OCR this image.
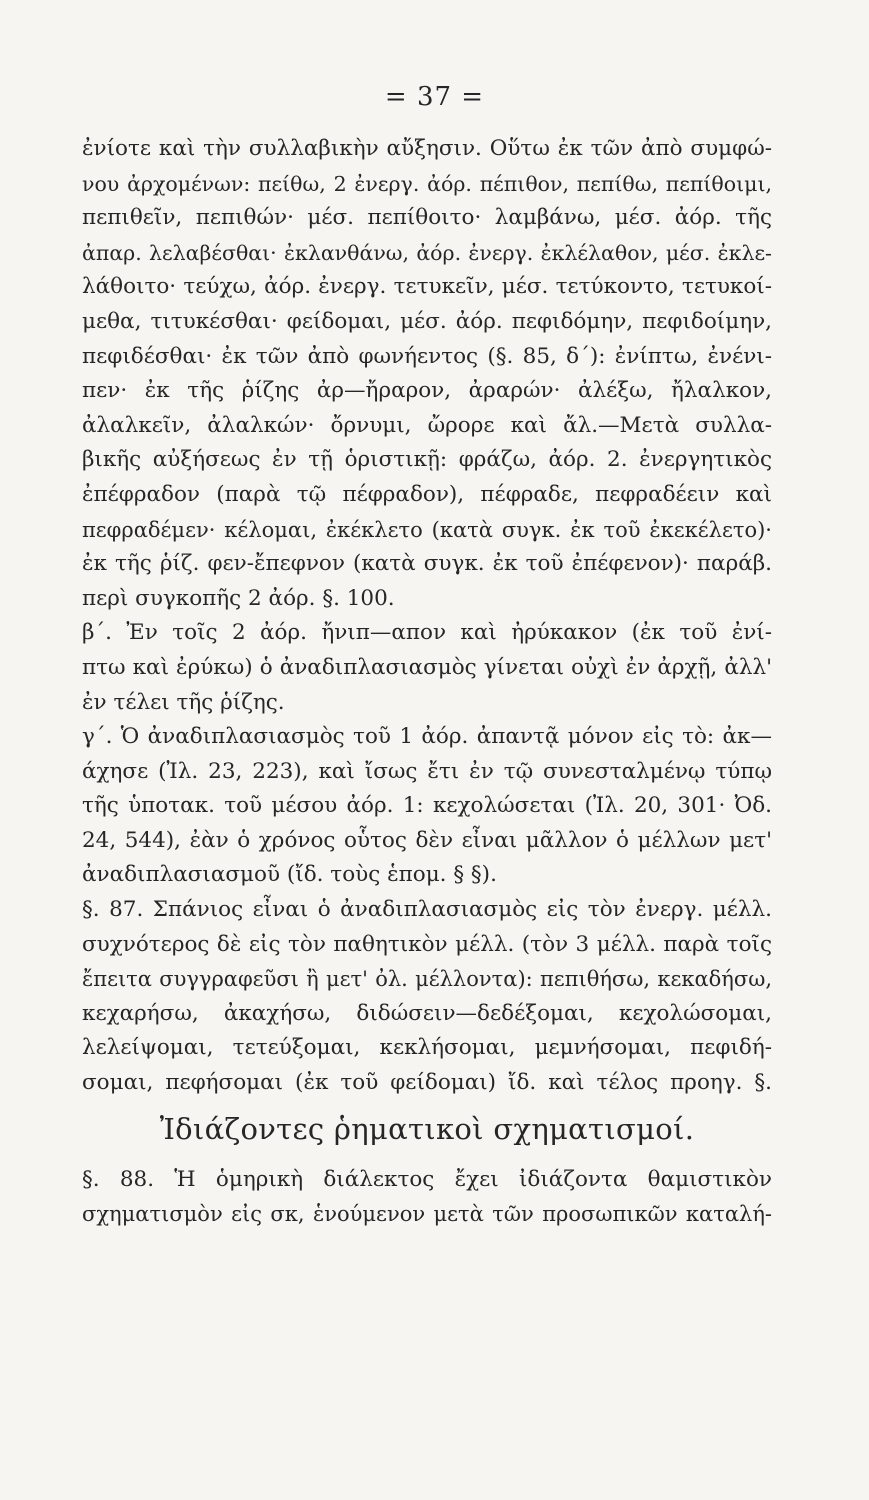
= 37 =
ἐνίοτε καὶ τὴν συλλαβικὴν αὔξησιν. Οὕτω ἐκ τῶν ἀπὸ συμφώ-
νου ἀρχομένων: πείθω, 2 ἐνεργ. ἀόρ. πέπιθον, πεπίθω, πεπίθοιμι,
πεπιθεῖν, πεπιθών· μέσ. πεπίθοιτο· λαμβάνω, μέσ. ἀόρ. τῆς
ἀπαρ. λελαβέσθαι· ἐκλανθάνω, ἀόρ. ἐνεργ. ἐκλέλαθον, μέσ. ἐκλε-
λάθοιτο· τεύχω, ἀόρ. ἐνεργ. τετυκεῖν, μέσ. τετύκοντο, τετυκοί-
μεθα, τιτυκέσθαι· φείδομαι, μέσ. ἀόρ. πεφιδόμην, πεφιδοίμην,
πεφιδέσθαι· ἐκ τῶν ἀπὸ φωνήεντος (§. 85, δ΄): ἐνίπτω, ἐνένι-
πεν· ἐκ τῆς ῥίζης ἀρ—ἤραρον, ἀραρών· ἀλέξω, ἤλαλκον,
ἀλαλκεῖν, ἀλαλκών· ὄρνυμι, ὤρορε καὶ ἄλ.—Μετὰ συλλα-
βικῆς αὐξήσεως ἐν τῇ ὁριστικῇ: φράζω, ἀόρ. 2. ἐνεργητικὸς
ἐπέφραδον (παρὰ τῷ πέφραδον), πέφραδε, πεφραδέειν καὶ
πεφραδέμεν· κέλομαι, ἐκέκλετο (κατὰ συγκ. ἐκ τοῦ ἐκεκέλετο)·
ἐκ τῆς ῥίζ. φεν-ἔπεφνον (κατὰ συγκ. ἐκ τοῦ ἐπέφενον)· παράβ.
περὶ συγκοπῆς 2 ἀόρ. §. 100.
β΄. Ἐν τοῖς 2 ἀόρ. ἤνιπ—απον καὶ ἠρύκακον (ἐκ τοῦ ἐνί-
πτω καὶ ἐρύκω) ὁ ἀναδιπλασιασμὸς γίνεται οὐχὶ ἐν ἀρχῇ, ἀλλ'
ἐν τέλει τῆς ῥίζης.
γ΄. Ὁ ἀναδιπλασιασμὸς τοῦ 1 ἀόρ. ἀπαντᾷ μόνον εἰς τὸ: ἀκ—
άχησε (Ἰλ. 23, 223), καὶ ἴσως ἔτι ἐν τῷ συνεσταλμένῳ τύπῳ
τῆς ὑποτακ. τοῦ μέσου ἀόρ. 1: κεχολώσεται (Ἰλ. 20, 301· Ὀδ.
24, 544), ἐὰν ὁ χρόνος οὗτος δὲν εἶναι μᾶλλον ὁ μέλλων μετ'
ἀναδιπλασιασμοῦ (ἴδ. τοὺς ἑπομ. § §).
§. 87. Σπάνιος εἶναι ὁ ἀναδιπλασιασμὸς εἰς τὸν ἐνεργ. μέλλ.
συχνότερος δὲ εἰς τὸν παθητικὸν μέλλ. (τὸν 3 μέλλ. παρὰ τοῖς
ἔπειτα συγγραφεῦσι ἢ μετ' ὀλ. μέλλοντα): πεπιθήσω, κεκαδήσω,
κεχαρήσω, ἀκαχήσω, διδώσειν—δεδέξομαι, κεχολώσομαι,
λελείψομαι, τετεύξομαι, κεκλήσομαι, μεμνήσομαι, πεφιδή-
σομαι, πεφήσομαι (ἐκ τοῦ φείδομαι) ἴδ. καὶ τέλος προηγ. §.
Ἰδιάζοντες ῥηματικοὶ σχηματισμοί.
§. 88. Ἡ ὁμηρικὴ διάλεκτος ἔχει ἰδιάζοντα θαμιστικὸν
σχηματισμὸν εἰς σκ, ἑνούμενον μετὰ τῶν προσωπικῶν καταλή-
